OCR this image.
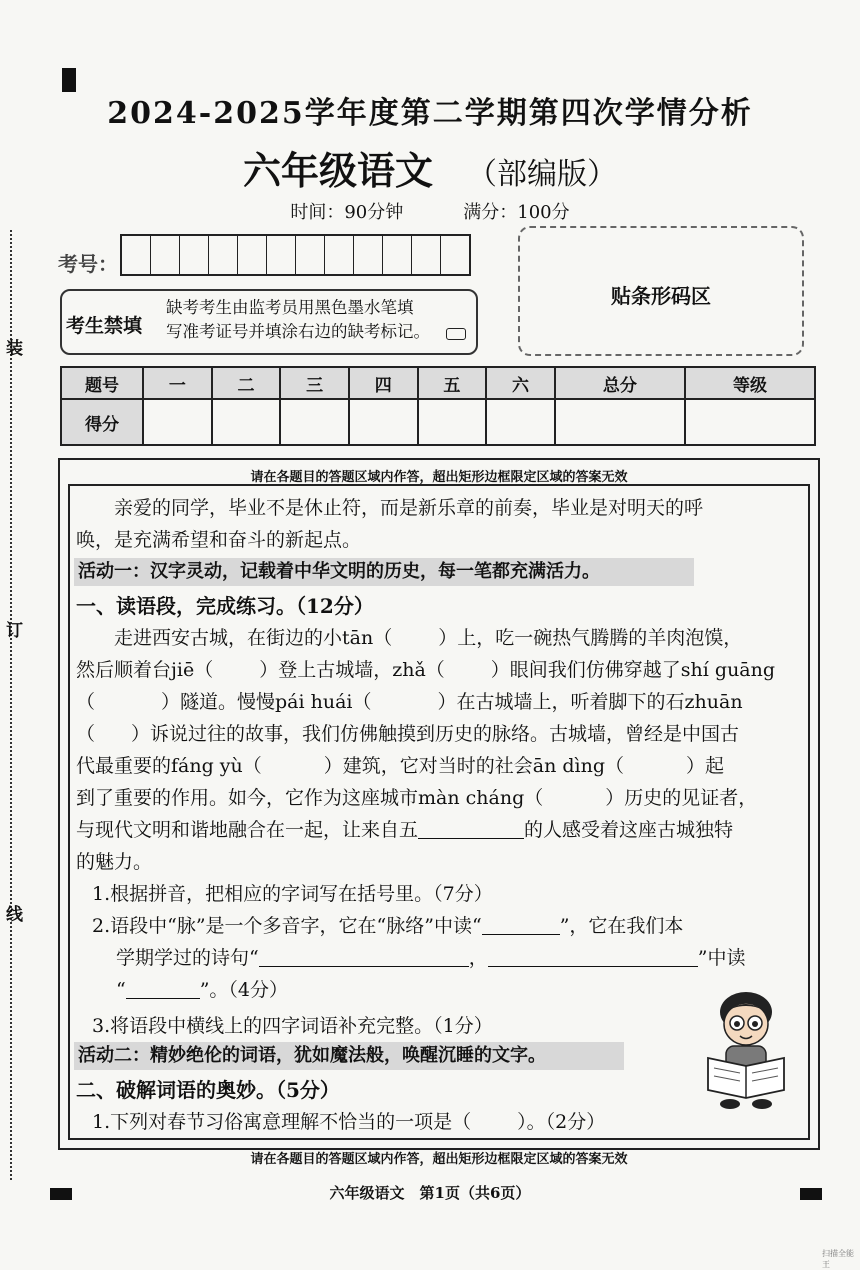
装
订
线
2024-2025学年度第二学期第四次学情分析
六年级语文 （部编版）
时间：90分钟	满分：100分
考号：
贴条形码区
考生禁填
缺考考生由监考员用黑色墨水笔填
写准考证号并填涂右边的缺考标记。
题号	一	二	三	四	五	六	总分	等级
得分								
请在各题目的答题区域内作答，超出矩形边框限定区域的答案无效
请在各题目的答题区域内作答，超出矩形边框限定区域的答案无效
亲爱的同学，毕业不是休止符，而是新乐章的前奏，毕业是对明天的呼
唤，是充满希望和奋斗的新起点。
活动一：汉字灵动，记载着中华文明的历史，每一笔都充满活力。
一、读语段，完成练习。（12分）
走进西安古城，在街边的小tān（ ）上，吃一碗热气腾腾的羊肉泡馍，
然后顺着台jiē（ ）登上古城墙，zhǎ（ ）眼间我们仿佛穿越了shí guāng
（	）隧道。慢慢pái huái（	）在古城墙上，听着脚下的石zhuān
（ ）诉说过往的故事，我们仿佛触摸到历史的脉络。古城墙，曾经是中国古
代最重要的fáng yù（	）建筑，它对当时的社会ān dìng（	）起
到了重要的作用。如今，它作为这座城市màn cháng（	）历史的见证者，
与现代文明和谐地融合在一起，让来自五	的人感受着这座古城独特
的魅力。
1.根据拼音，把相应的字词写在括号里。（7分）
2.语段中“脉”是一个多音字，它在“脉络”中读“	”，它在我们本
学期学过的诗句“	，	”中读
“	”。（4分）
3.将语段中横线上的四字词语补充完整。（1分）
活动二：精妙绝伦的词语，犹如魔法般，唤醒沉睡的文字。
二、破解词语的奥妙。（5分）
1.下列对春节习俗寓意理解不恰当的一项是（ ）。（2分）
六年级语文　第1页（共6页）
扫描全能王
